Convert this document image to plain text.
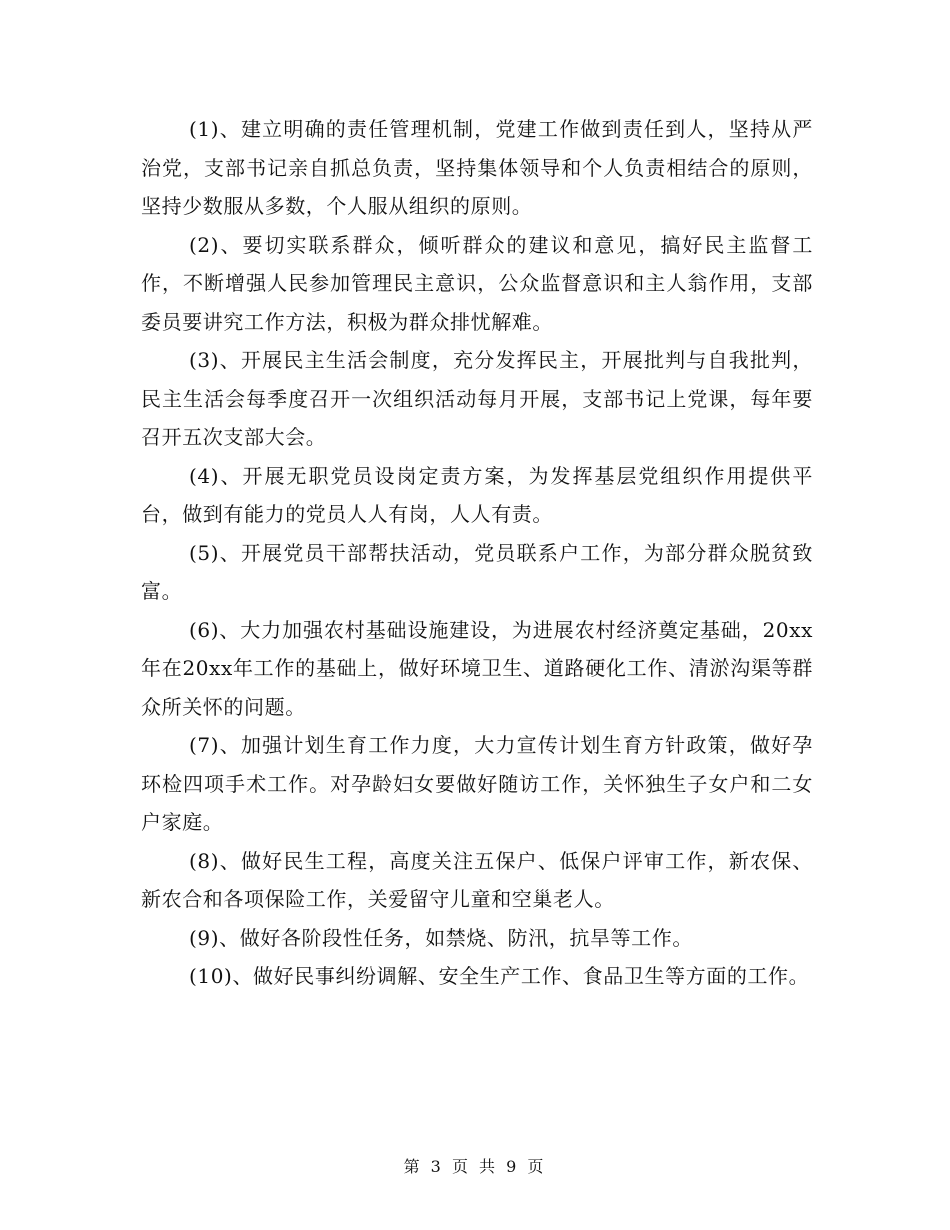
(1)、建立明确的责任管理机制，党建工作做到责任到人，坚持从严治党，支部书记亲自抓总负责，坚持集体领导和个人负责相结合的原则，坚持少数服从多数，个人服从组织的原则。

(2)、要切实联系群众，倾听群众的建议和意见，搞好民主监督工作，不断增强人民参加管理民主意识，公众监督意识和主人翁作用，支部委员要讲究工作方法，积极为群众排忧解难。

(3)、开展民主生活会制度，充分发挥民主，开展批判与自我批判，民主生活会每季度召开一次组织活动每月开展，支部书记上党课，每年要召开五次支部大会。

(4)、开展无职党员设岗定责方案，为发挥基层党组织作用提供平台，做到有能力的党员人人有岗，人人有责。

(5)、开展党员干部帮扶活动，党员联系户工作，为部分群众脱贫致富。

(6)、大力加强农村基础设施建设，为进展农村经济奠定基础，20xx年在20xx年工作的基础上，做好环境卫生、道路硬化工作、清淤沟渠等群众所关怀的问题。

(7)、加强计划生育工作力度，大力宣传计划生育方针政策，做好孕环检四项手术工作。对孕龄妇女要做好随访工作，关怀独生子女户和二女户家庭。

(8)、做好民生工程，高度关注五保户、低保户评审工作，新农保、新农合和各项保险工作，关爱留守儿童和空巢老人。

(9)、做好各阶段性任务，如禁烧、防汛，抗旱等工作。

(10)、做好民事纠纷调解、安全生产工作、食品卫生等方面的工作。

第 3 页 共 9 页
